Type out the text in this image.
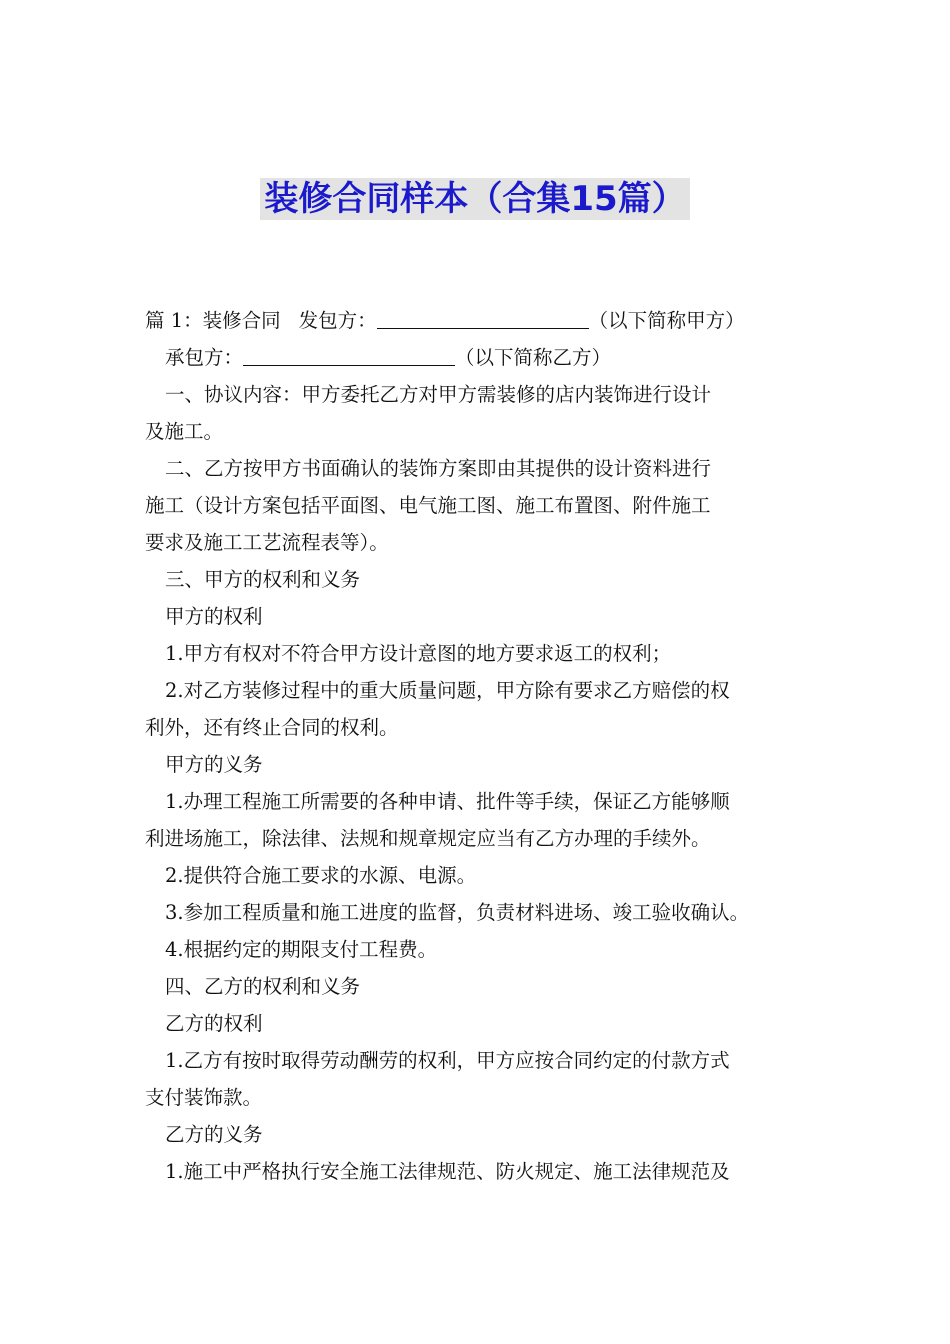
装修合同样本（合集15篇）

篇 1：装修合同 发包方：	（以下简称甲方）

承包方：	（以下简称乙方）

一、协议内容：甲方委托乙方对甲方需装修的店内装饰进行设计

及施工。

二、乙方按甲方书面确认的装饰方案即由其提供的设计资料进行

施工（设计方案包括平面图、电气施工图、施工布置图、附件施工

要求及施工工艺流程表等）。

三、甲方的权利和义务

甲方的权利

1.甲方有权对不符合甲方设计意图的地方要求返工的权利；

2.对乙方装修过程中的重大质量问题，甲方除有要求乙方赔偿的权

利外，还有终止合同的权利。

甲方的义务

1.办理工程施工所需要的各种申请、批件等手续，保证乙方能够顺

利进场施工，除法律、法规和规章规定应当有乙方办理的手续外。

2.提供符合施工要求的水源、电源。

3.参加工程质量和施工进度的监督，负责材料进场、竣工验收确认。

4.根据约定的期限支付工程费。

四、乙方的权利和义务

乙方的权利

1.乙方有按时取得劳动酬劳的权利，甲方应按合同约定的付款方式

支付装饰款。

乙方的义务

1.施工中严格执行安全施工法律规范、防火规定、施工法律规范及
